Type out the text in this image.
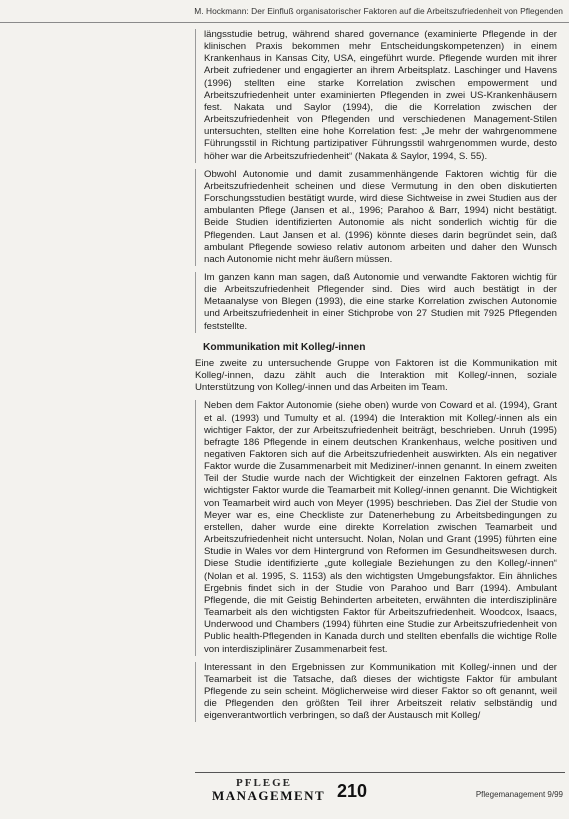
M. Hockmann: Der Einfluß organisatorischer Faktoren auf die Arbeitszufriedenheit von Pflegenden

längsstudie betrug, während shared governance (examinierte Pflegende in der klinischen Praxis bekommen mehr Entscheidungskompetenzen) in einem Krankenhaus in Kansas City, USA, eingeführt wurde. Pflegende wurden mit ihrer Arbeit zufriedener und engagierter an ihrem Arbeitsplatz. Laschinger und Havens (1996) stellten eine starke Korrelation zwischen empowerment und Arbeitszufriedenheit unter examinierten Pflegenden in zwei US-Krankenhäusern fest. Nakata und Saylor (1994), die die Korrelation zwischen der Arbeitszufriedenheit von Pflegenden und verschiedenen Management-Stilen untersuchten, stellten eine hohe Korrelation fest: „Je mehr der wahrgenommene Führungsstil in Richtung partizipativer Führungsstil wahrgenommen wurde, desto höher war die Arbeitszufriedenheit“ (Nakata & Saylor, 1994, S. 55).

Obwohl Autonomie und damit zusammenhängende Faktoren wichtig für die Arbeitszufriedenheit scheinen und diese Vermutung in den oben diskutierten Forschungsstudien bestätigt wurde, wird diese Sichtweise in zwei Studien aus der ambulanten Pflege (Jansen et al., 1996; Parahoo & Barr, 1994) nicht bestätigt. Beide Studien identifizierten Autonomie als nicht sonderlich wichtig für die Pflegenden. Laut Jansen et al. (1996) könnte dieses darin begründet sein, daß ambulant Pflegende sowieso relativ autonom arbeiten und daher den Wunsch nach Autonomie nicht mehr äußern müssen.

Im ganzen kann man sagen, daß Autonomie und verwandte Faktoren wichtig für die Arbeitszufriedenheit Pflegender sind. Dies wird auch bestätigt in der Metaanalyse von Blegen (1993), die eine starke Korrelation zwischen Autonomie und Arbeitszufriedenheit in einer Stichprobe von 27 Studien mit 7925 Pflegenden feststellte.

Kommunikation mit Kolleg/-innen

Eine zweite zu untersuchende Gruppe von Faktoren ist die Kommunikation mit Kolleg/-innen, dazu zählt auch die Interaktion mit Kolleg/-innen, soziale Unterstützung von Kolleg/-innen und das Arbeiten im Team.

Neben dem Faktor Autonomie (siehe oben) wurde von Coward et al. (1994), Grant et al. (1993) und Tumulty et al. (1994) die Interaktion mit Kolleg/-innen als ein wichtiger Faktor, der zur Arbeitszufriedenheit beiträgt, beschrieben. Unruh (1995) befragte 186 Pflegende in einem deutschen Krankenhaus, welche positiven und negativen Faktoren sich auf die Arbeitszufriedenheit auswirkten. Als ein negativer Faktor wurde die Zusammenarbeit mit Mediziner/-innen genannt. In einem zweiten Teil der Studie wurde nach der Wichtigkeit der einzelnen Faktoren gefragt. Als wichtigster Faktor wurde die Teamarbeit mit Kolleg/-innen genannt. Die Wichtigkeit von Teamarbeit wird auch von Meyer (1995) beschrieben. Das Ziel der Studie von Meyer war es, eine Checkliste zur Datenerhebung zu Arbeitsbedingungen zu erstellen, daher wurde eine direkte Korrelation zwischen Teamarbeit und Arbeitszufriedenheit nicht untersucht. Nolan, Nolan und Grant (1995) führten eine Studie in Wales vor dem Hintergrund von Reformen im Gesundheitswesen durch. Diese Studie identifizierte „gute kollegiale Beziehungen zu den Kolleg/-innen“ (Nolan et al. 1995, S. 1153) als den wichtigsten Umgebungsfaktor. Ein ähnliches Ergebnis findet sich in der Studie von Parahoo und Barr (1994). Ambulant Pflegende, die mit Geistig Behinderten arbeiteten, erwähnten die interdisziplinäre Teamarbeit als den wichtigsten Faktor für Arbeitszufriedenheit. Woodcox, Isaacs, Underwood und Chambers (1994) führten eine Studie zur Arbeitszufriedenheit von Public health-Pflegenden in Kanada durch und stellten ebenfalls die wichtige Rolle von interdisziplinärer Zusammenarbeit fest.

Interessant in den Ergebnissen zur Kommunikation mit Kolleg/-innen und der Teamarbeit ist die Tatsache, daß dieses der wichtigste Faktor für ambulant Pflegende zu sein scheint. Möglicherweise wird dieser Faktor so oft genannt, weil die Pflegenden den größten Teil ihrer Arbeitszeit relativ selbständig und eigenverantwortlich verbringen, so daß der Austausch mit Kolleg/

PFLEGE
MANAGEMENT 210	Pflegemanagement 9/99
